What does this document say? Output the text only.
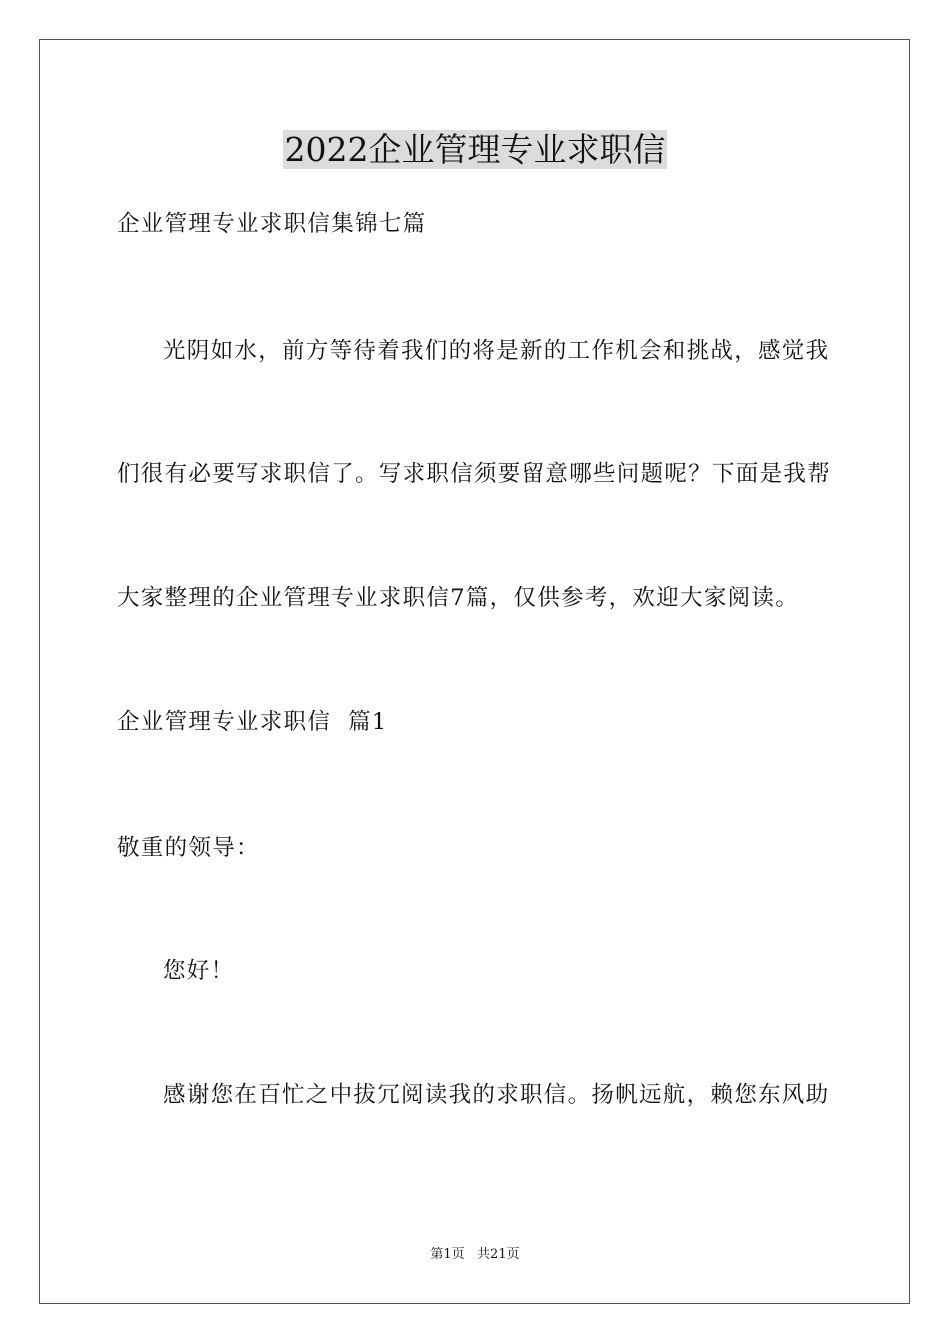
2022企业管理专业求职信
企业管理专业求职信集锦七篇
光阴如水，前方等待着我们的将是新的工作机会和挑战，感觉我
们很有必要写求职信了。写求职信须要留意哪些问题呢？下面是我帮
大家整理的企业管理专业求职信7篇，仅供参考，欢迎大家阅读。
企业管理专业求职信  篇1
敬重的领导：
您好！
感谢您在百忙之中拔冗阅读我的求职信。扬帆远航，赖您东风助
第1页   共21页
